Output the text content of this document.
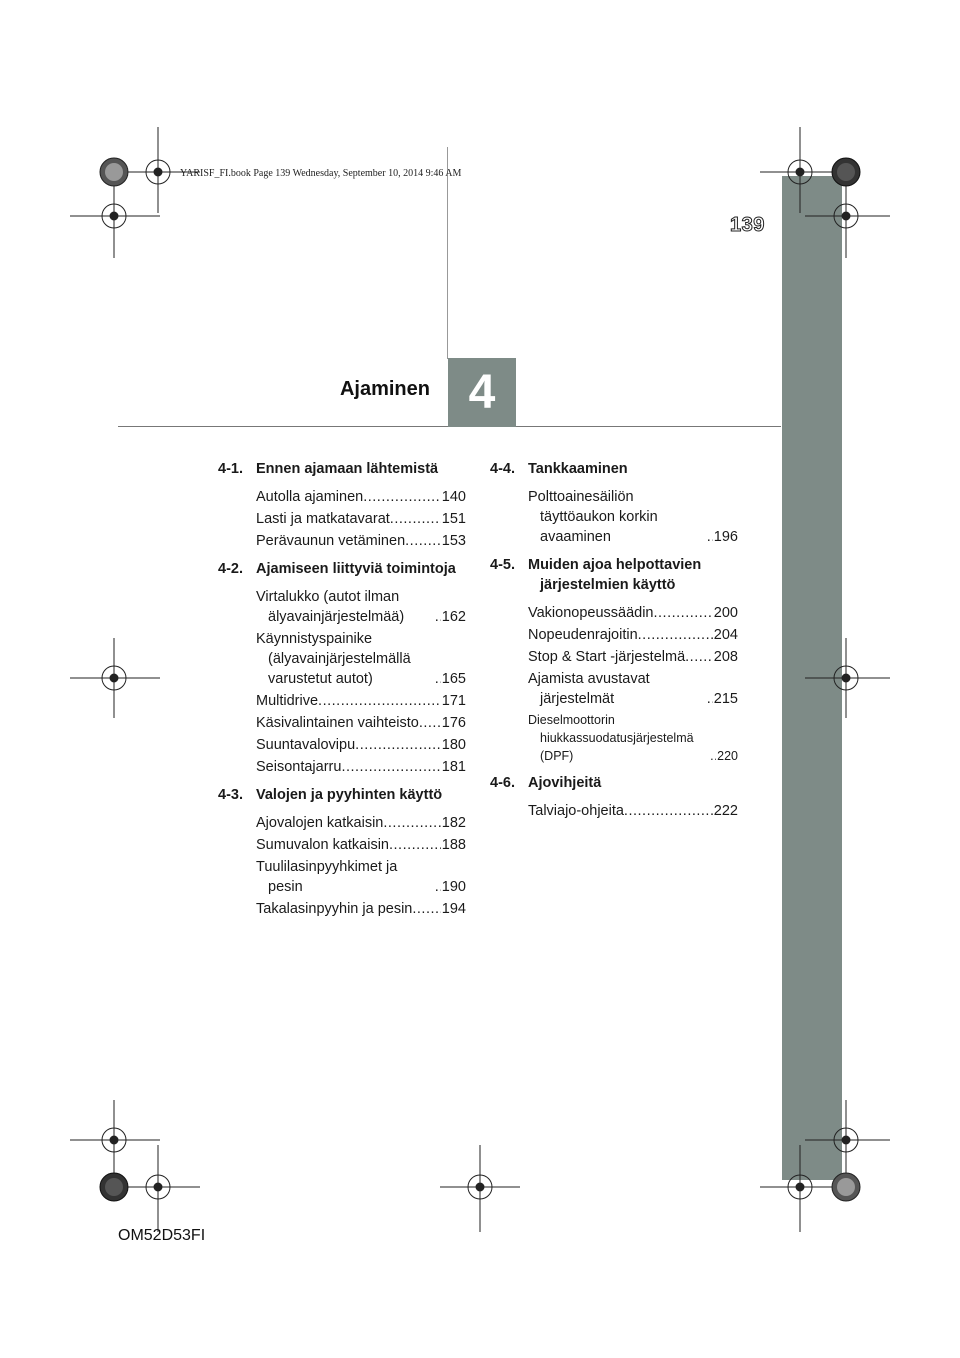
YARISF_FI.book Page 139 Wednesday, September 10, 2014 9:46 AM
139
Ajaminen 4
4-1. Ennen ajamaan lähtemistä
Autolla ajaminen .....	140
Lasti ja matkatavarat .....	151
Perävaunun vetäminen .....	153
4-2. Ajamiseen liittyviä toimintoja
Virtalukko (autot ilman älyavainjärjestelmää) .....	162
Käynnistyspainike (älyavainjärjestelmällä varustetut autot) .....	165
Multidrive .....	171
Käsivalintainen vaihteisto ..... 176
Suuntavalovipu .....	180
Seisontajarru .....	181
4-3. Valojen ja pyyhinten käyttö
Ajovalojen katkaisin .....	182
Sumuvalon katkaisin .....	188
Tuulilasinpyyhkimet ja pesin .....	190
Takalasinpyyhin ja pesin ..... 194
4-4. Tankkaaminen
Polttoainesäiliön täyttöaukon korkin avaaminen .....	196
4-5. Muiden ajoa helpottavien järjestelmien käyttö
Vakionopeussäädin .....	200
Nopeudenrajoitin .....	204
Stop & Start -järjestelmä ..... 208
Ajamista avustavat järjestelmät .....	215
Dieselmoottorin hiukkassuodatusjärjestelmä (DPF) .....	220
4-6. Ajovihjeitä
Talviajo-ohjeita .....	222
OM52D53FI
